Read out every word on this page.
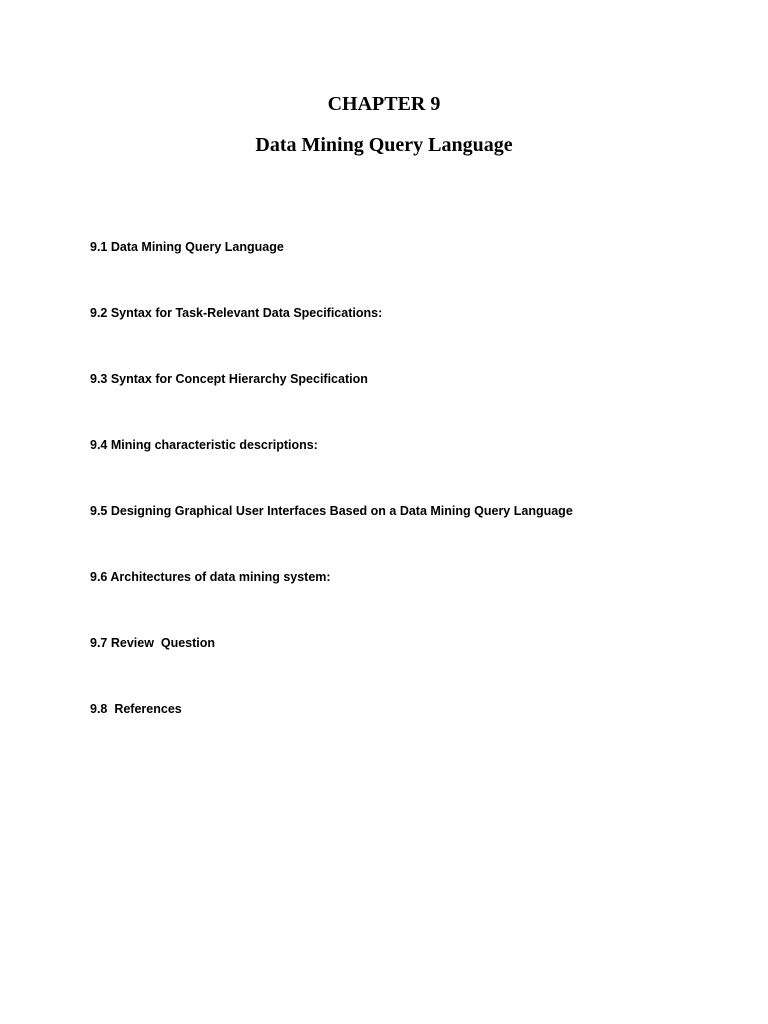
CHAPTER 9
Data Mining Query Language
9.1 Data Mining Query Language
9.2 Syntax for Task-Relevant Data Specifications:
9.3 Syntax for Concept Hierarchy Specification
9.4 Mining characteristic descriptions:
9.5 Designing Graphical User Interfaces Based on a Data Mining Query Language
9.6 Architectures of data mining system:
9.7 Review  Question
9.8  References
